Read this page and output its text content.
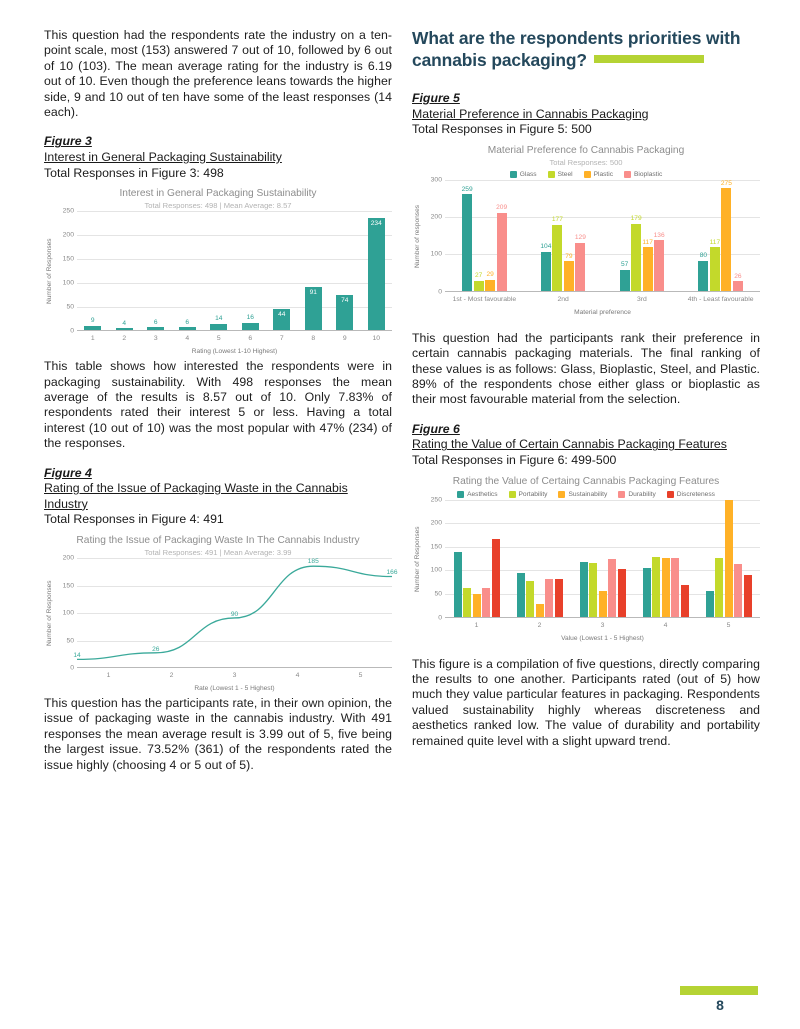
This question had the respondents rate the industry on a ten-point scale, most (153) answered 7 out of 10, followed by 6 out of 10 (103). The mean average rating for the industry is 6.19 out of 10. Even though the preference leans towards the higher side, 9 and 10 out of ten have some of the least responses (14 each).

Figure 3

Interest in General Packaging Sustainability

Total Responses in Figure 3: 498

Interest in General Packaging Sustainability
Total Responses: 498 | Mean Average: 8.57
Number of Responses
0
50
100
150
200
250
9	4	6	6
14	16	44
91
74
234
1	2	3	4	5	6	7	8	9	10
Rating (Lowest 1-10 Highest)

This table shows how interested the respondents were in packaging sustainability. With 498 responses the mean average of the results is 8.57 out of 10. Only 7.83% of respondents rated their interest 5 or less. Having a total interest (10 out of 10) was the most popular with 47% (234) of the responses.

Figure 4

Rating of the Issue of Packaging Waste in the Cannabis Industry

Total Responses in Figure 4: 491

Rating the Issue of Packaging Waste In The Cannabis Industry
Total Responses: 491 | Mean Average: 3.99
Number of Responses
0
50
100
150
200
14
26
90
185
166
1	2	3	4	5
Rate (Lowest 1 - 5 Highest)

This question has the participants rate, in their own opinion, the issue of packaging waste in the cannabis industry. With 491 responses the mean average result is 3.99 out of 5, five being the largest issue. 73.52% (361) of the respondents rated the issue highly (choosing 4 or 5 out of 5).

What are the respondents priorities with cannabis packaging?

Figure 5

Material Preference in Cannabis Packaging

Total Responses in Figure 5: 500

Material Preference fo Cannabis Packaging
Total Responses: 500
Glass	Steel	Plastic	Bioplastic
Number of responses
0
100
200
300
259
27 29
209
104
177
79
129
57
179
117
136
80
117
275
26
1st - Most favourable	2nd	3rd	4th - Least favourable
Material preference

This question had the participants rank their preference in certain cannabis packaging materials. The final ranking of these values is as follows: Glass, Bioplastic, Steel, and Plastic. 89% of the respondents chose either glass or bioplastic as their most favourable material from the selection.

Figure 6

Rating the Value of Certain Cannabis Packaging Features

Total Responses in Figure 6: 499-500

Rating the Value of Certaing Cannabis Packaging Features
Aesthetics	Portability	Sustainability	Durability	Discreteness
Number of Responses
0
50
100
150
200
250
1	2	3	4	5
Value (Lowest 1 - 5 Highest)

This figure is a compilation of five questions, directly comparing the results to one another. Participants rated (out of 5) how much they value particular features in packaging. Respondents valued sustainability highly whereas discreteness and aesthetics ranked low. The value of durability and portability remained quite level with a slight upward trend.

8
